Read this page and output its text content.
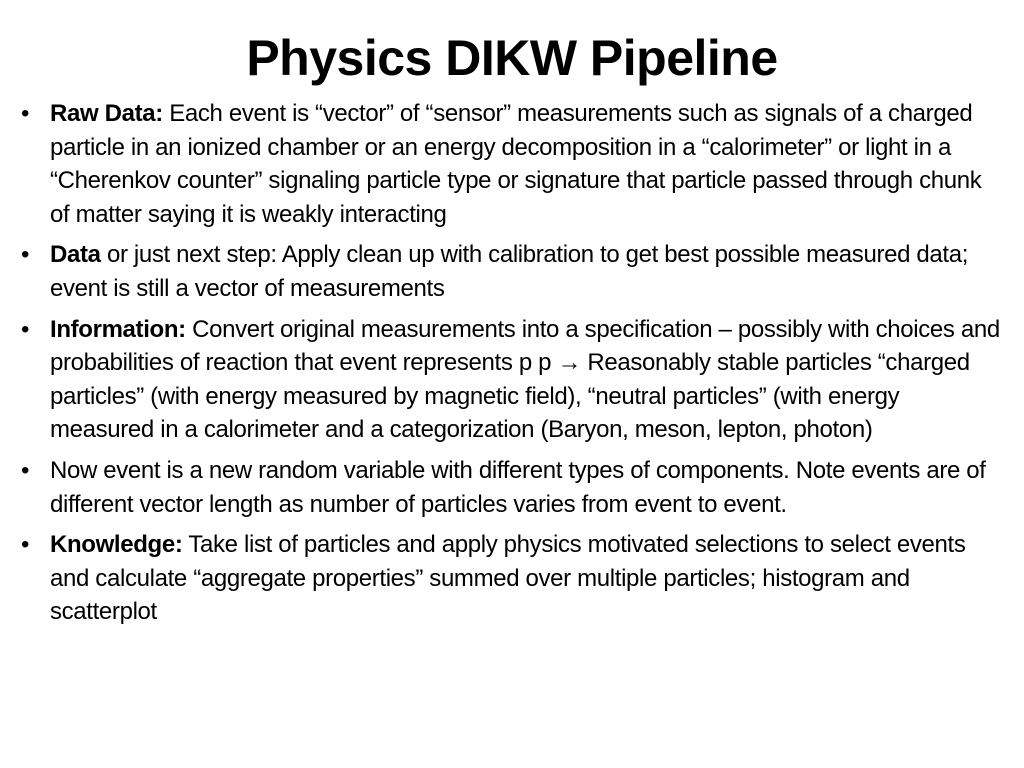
Physics DIKW Pipeline
• Raw Data: Each event is “vector” of “sensor” measurements such as signals of a charged particle in an ionized chamber or an energy decomposition in a “calorimeter” or light in a “Cherenkov counter” signaling particle type or signature that particle passed through chunk of matter saying it is weakly interacting
• Data or just next step: Apply clean up with calibration to get best possible measured data; event is still a vector of measurements
• Information: Convert original measurements into a specification – possibly with choices and probabilities of reaction that event represents p p → Reasonably stable particles “charged particles” (with energy measured by magnetic field), “neutral particles” (with energy measured in a calorimeter and a categorization (Baryon, meson, lepton, photon)
• Now event is a new random variable with different types of components. Note events are of different vector length as number of particles varies from event to event.
• Knowledge: Take list of particles and apply physics motivated selections to select events and calculate “aggregate properties” summed over multiple particles; histogram and scatterplot
